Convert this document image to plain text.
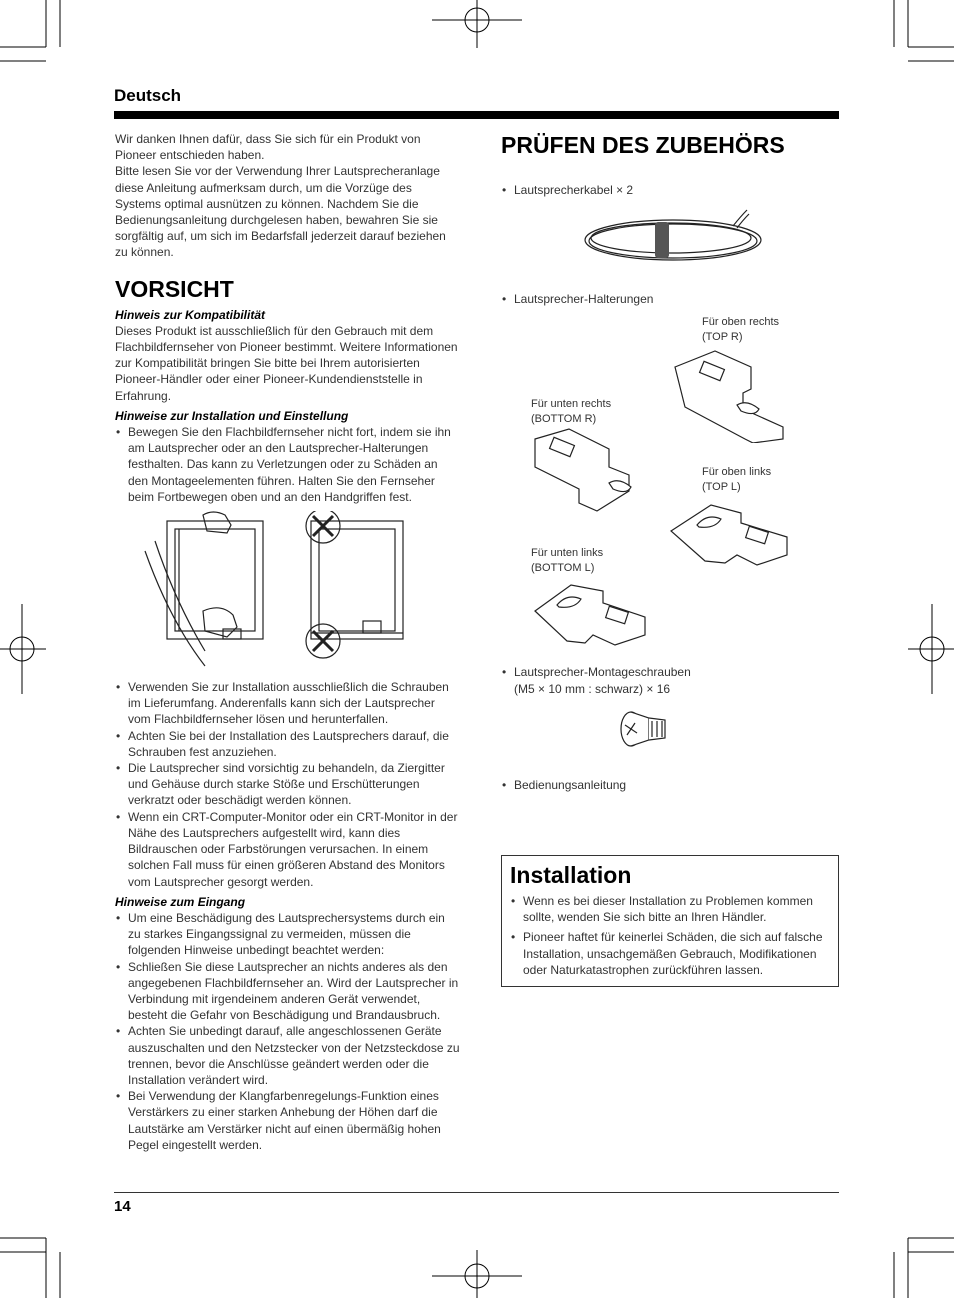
Deutsch

Wir danken Ihnen dafür, dass Sie sich für ein Produkt von Pioneer entschieden haben.

Bitte lesen Sie vor der Verwendung Ihrer Lautsprecheranlage diese Anleitung aufmerksam durch, um die Vorzüge des Systems optimal ausnützen zu können. Nachdem Sie die Bedienungsanleitung durchgelesen haben, bewahren Sie sie sorgfältig auf, um sich im Bedarfsfall jederzeit darauf beziehen zu können.

VORSICHT

Hinweis zur Kompatibilität

Dieses Produkt ist ausschließlich für den Gebrauch mit dem Flachbildfernseher von Pioneer bestimmt. Weitere Informationen zur Kompatibilität bringen Sie bitte bei Ihrem autorisierten Pioneer-Händler oder einer Pioneer-Kundendienststelle in Erfahrung.

Hinweise zur Installation und Einstellung

• Bewegen Sie den Flachbildfernseher nicht fort, indem sie ihn am Lautsprecher oder an den Lautsprecher-Halterungen festhalten. Das kann zu Verletzungen oder zu Schäden an den Montageelementen führen. Halten Sie den Fernseher beim Fortbewegen oben und an den Handgriffen fest.
• Verwenden Sie zur Installation ausschließlich die Schrauben im Lieferumfang. Anderenfalls kann sich der Lautsprecher vom Flachbildfernseher lösen und herunterfallen.
• Achten Sie bei der Installation des Lautsprechers darauf, die Schrauben fest anzuziehen.
• Die Lautsprecher sind vorsichtig zu behandeln, da Ziergitter und Gehäuse durch starke Stöße und Erschütterungen verkratzt oder beschädigt werden können.
• Wenn ein CRT-Computer-Monitor oder ein CRT-Monitor in der Nähe des Lautsprechers aufgestellt wird, kann dies Bildrauschen oder Farbstörungen verursachen. In einem solchen Fall muss für einen größeren Abstand des Monitors vom Lautsprecher gesorgt werden.

Hinweise zum Eingang

• Um eine Beschädigung des Lautsprechersystems durch ein zu starkes Eingangssignal zu vermeiden, müssen die folgenden Hinweise unbedingt beachtet werden:
• Schließen Sie diese Lautsprecher an nichts anderes als den angegebenen Flachbildfernseher an. Wird der Lautsprecher in Verbindung mit irgendeinem anderen Gerät verwendet, besteht die Gefahr von Beschädigung und Brandausbruch.
• Achten Sie unbedingt darauf, alle angeschlossenen Geräte auszuschalten und den Netzstecker von der Netzsteckdose zu trennen, bevor die Anschlüsse geändert werden oder die Installation verändert wird.
• Bei Verwendung der Klangfarbenregelungs-Funktion eines Verstärkers zu einer starken Anhebung der Höhen darf die Lautstärke am Verstärker nicht auf einen übermäßig hohen Pegel eingestellt werden.
PRÜFEN DES ZUBEHÖRS
• Lautsprecherkabel × 2
• Lautsprecher-Halterungen
Für oben rechts
(TOP R)
Für unten rechts
(BOTTOM R)
Für oben links
(TOP L)
Für unten links
(BOTTOM L)
• Lautsprecher-Montageschrauben
(M5 × 10 mm : schwarz) × 16
• Bedienungsanleitung
Installation
• Wenn es bei dieser Installation zu Problemen kommen sollte, wenden Sie sich bitte an Ihren Händler.
• Pioneer haftet für keinerlei Schäden, die sich auf falsche Installation, unsachgemäßen Gebrauch, Modifikationen oder Naturkatastrophen zurückführen lassen.

14
